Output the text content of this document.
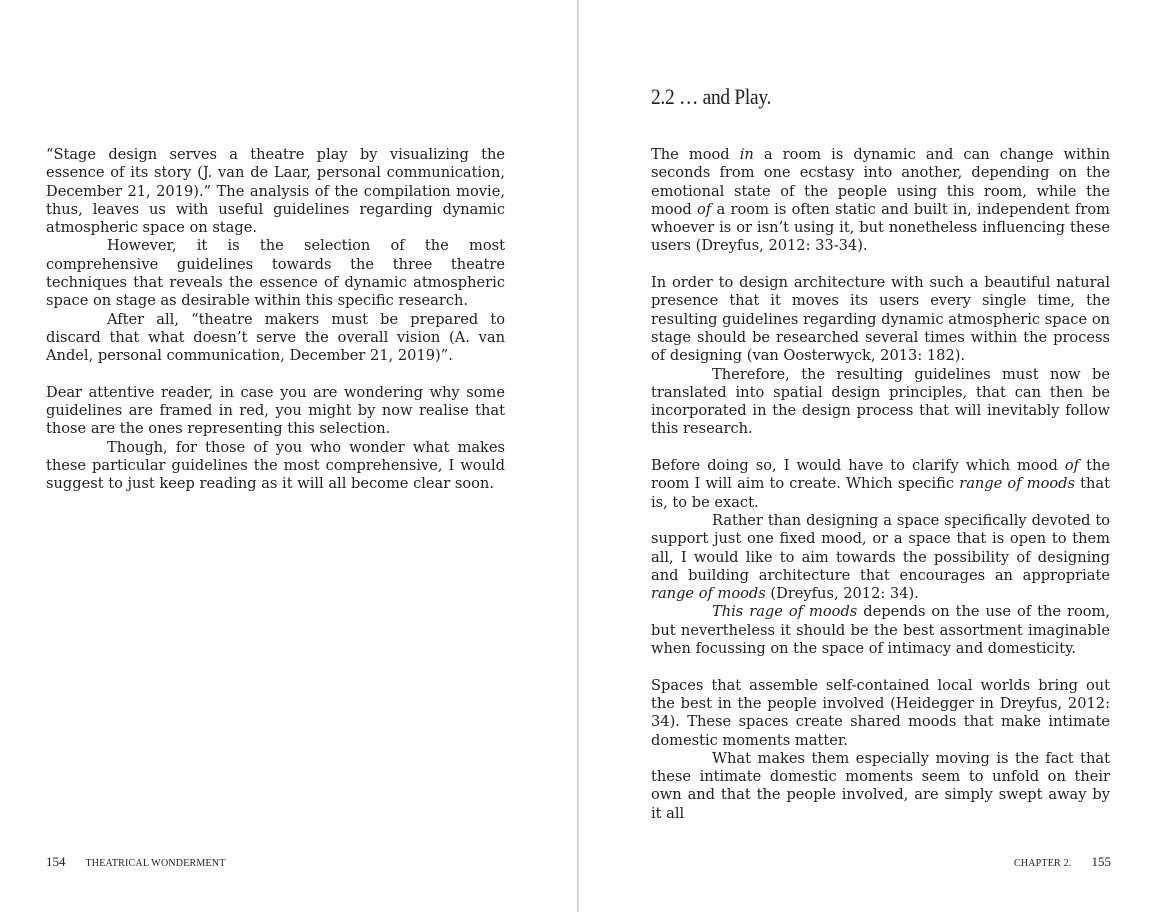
“Stage design serves a theatre play by visualizing the essence of its story (J. van de Laar, personal communication, December 21, 2019).” The analysis of the compilation movie, thus, leaves us with useful guidelines regarding dynamic atmospheric space on stage.

However, it is the selection of the most comprehensive guidelines towards the three theatre techniques that reveals the essence of dynamic atmospheric space on stage as desirable within this specific research.

After all, “theatre makers must be prepared to discard that what doesn’t serve the overall vision (A. van Andel, personal communication, December 21, 2019)”.

Dear attentive reader, in case you are wondering why some guidelines are framed in red, you might by now realise that those are the ones representing this selection.

Though, for those of you who wonder what makes these particular guidelines the most comprehensive, I would suggest to just keep reading as it will all become clear soon.

154 THEATRICAL WONDERMENT
2.2 … and Play.

The mood in a room is dynamic and can change within seconds from one ecstasy into another, depending on the emotional state of the people using this room, while the mood of a room is often static and built in, independent from whoever is or isn’t using it, but nonetheless influencing these users (Dreyfus, 2012: 33-34).

In order to design architecture with such a beautiful natural presence that it moves its users every single time, the resulting guidelines regarding dynamic atmospheric space on stage should be researched several times within the process of designing (van Oosterwyck, 2013: 182).

Therefore, the resulting guidelines must now be translated into spatial design principles, that can then be incorporated in the design process that will inevitably follow this research.

Before doing so, I would have to clarify which mood of the room I will aim to create. Which specific range of moods that is, to be exact.

Rather than designing a space specifically devoted to support just one fixed mood, or a space that is open to them all, I would like to aim towards the possibility of designing and building architecture that encourages an appropriate range of moods (Dreyfus, 2012: 34).

This rage of moods depends on the use of the room, but nevertheless it should be the best assortment imaginable when focussing on the space of intimacy and domesticity.

Spaces that assemble self-contained local worlds bring out the best in the people involved (Heidegger in Dreyfus, 2012: 34). These spaces create shared moods that make intimate domestic moments matter.

What makes them especially moving is the fact that these intimate domestic moments seem to unfold on their own and that the people involved, are simply swept away by it all

CHAPTER 2. 155
